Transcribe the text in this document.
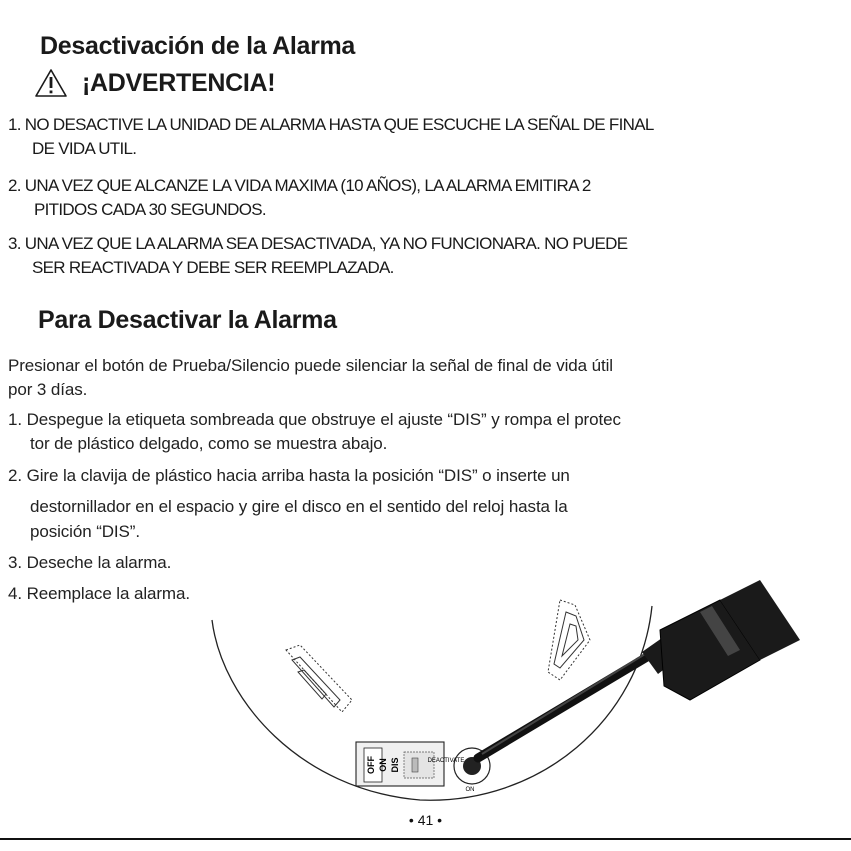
Desactivación de la Alarma
¡ADVERTENCIA!
1. NO DESACTIVE LA UNIDAD DE ALARMA HASTA QUE ESCUCHE LA SEÑAL DE FINAL
DE VIDA UTIL.
2. UNA VEZ QUE ALCANZE LA VIDA MAXIMA (10 AÑOS), LA ALARMA EMITIRA 2
PITIDOS CADA 30 SEGUNDOS.
3. UNA VEZ QUE LA ALARMA SEA DESACTIVADA, YA NO FUNCIONARA. NO PUEDE
SER REACTIVADA Y DEBE SER REEMPLAZADA.
Para Desactivar la Alarma
Presionar el botón de Prueba/Silencio puede silenciar la señal de final de vida útil
por 3 días.
1. Despegue la etiqueta sombreada que obstruye el ajuste “DIS” y rompa el protec
tor de plástico delgado, como se muestra abajo.
2. Gire la clavija de plástico hacia arriba hasta la posición “DIS” o inserte un
destornillador en el espacio y gire el disco en el sentido del reloj hasta la
posición “DIS”.
3. Deseche la alarma.
4. Reemplace la alarma.
OFF ON DIS	DEACTIVATE
ON
• 41 •
